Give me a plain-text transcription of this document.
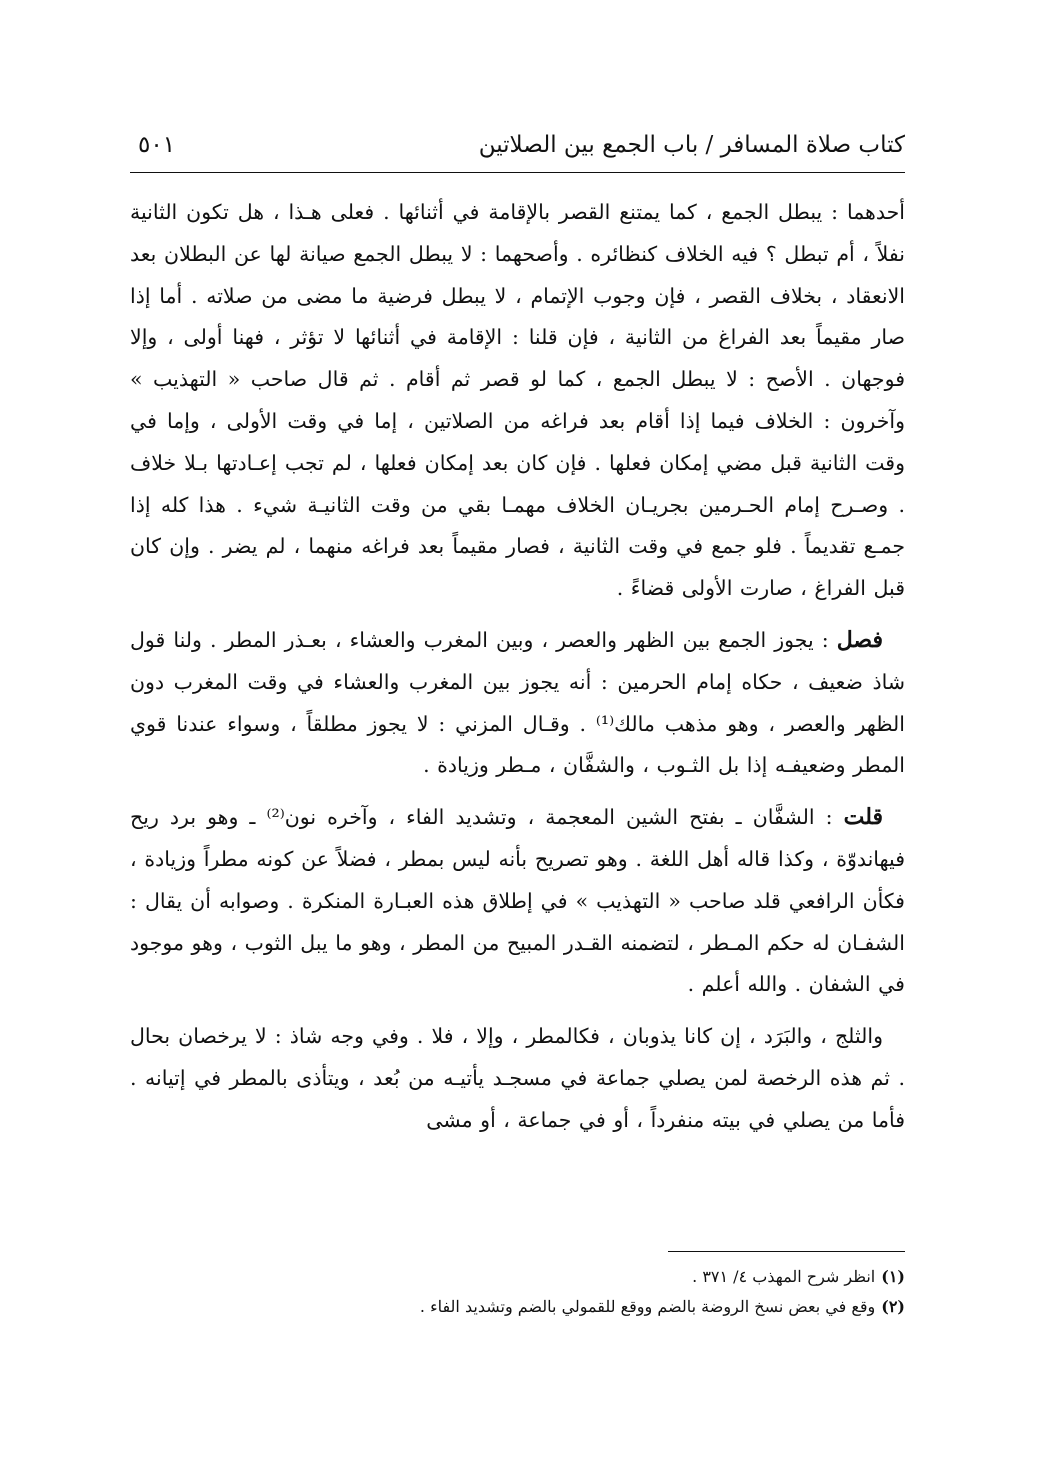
كتاب صلاة المسافر / باب الجمع بين الصلاتين
٥٠١

أحدهما : يبطل الجمع ، كما يمتنع القصر بالإقامة في أثنائها . فعلى هـذا ، هل تكون الثانية نفلاً ، أم تبطل ؟ فيه الخلاف كنظائره . وأصحهما : لا يبطل الجمع صيانة لها عن البطلان بعد الانعقاد ، بخلاف القصر ، فإن وجوب الإتمام ، لا يبطل فرضية ما مضى من صلاته . أما إذا صار مقيماً بعد الفراغ من الثانية ، فإن قلنا : الإقامة في أثنائها لا تؤثر ، فهنا أولى ، وإلا فوجهان . الأصح : لا يبطل الجمع ، كما لو قصر ثم أقام . ثم قال صاحب « التهذيب » وآخرون : الخلاف فيما إذا أقام بعد فراغه من الصلاتين ، إما في وقت الأولى ، وإما في وقت الثانية قبل مضي إمكان فعلها . فإن كان بعد إمكان فعلها ، لم تجب إعـادتها بـلا خلاف . وصـرح إمام الحـرمين بجريـان الخلاف مهمـا بقي من وقت الثانيـة شيء . هذا كله إذا جمـع تقديماً . فلو جمع في وقت الثانية ، فصار مقيماً بعد فراغه منهما ، لم يضر . وإن كان قبل الفراغ ، صارت الأولى قضاءً .

فصل : يجوز الجمع بين الظهر والعصر ، وبين المغرب والعشاء ، بعـذر المطر . ولنا قول شاذ ضعيف ، حكاه إمام الحرمين : أنه يجوز بين المغرب والعشاء في وقت المغرب دون الظهر والعصر ، وهو مذهب مالك⁽¹⁾ . وقـال المزني : لا يجوز مطلقاً ، وسواء عندنا قوي المطر وضعيفـه إذا بل الثـوب ، والشفَّان ، مـطر وزيادة .

قلت : الشفَّان ـ بفتح الشين المعجمة ، وتشديد الفاء ، وآخره نون⁽²⁾ ـ وهو برد ريح فيهاندوّة ، وكذا قاله أهل اللغة . وهو تصريح بأنه ليس بمطر ، فضلاً عن كونه مطراً وزيادة ، فكأن الرافعي قلد صاحب « التهذيب » في إطلاق هذه العبـارة المنكرة . وصوابه أن يقال : الشفـان له حكم المـطر ، لتضمنه القـدر المبيح من المطر ، وهو ما يبل الثوب ، وهو موجود في الشفان . والله أعلم .

والثلج ، والبَرَد ، إن كانا يذوبان ، فكالمطر ، وإلا ، فلا . وفي وجه شاذ : لا يرخصان بحال . ثم هذه الرخصة لمن يصلي جماعة في مسجـد يأتيـه من بُعد ، ويتأذى بالمطر في إتيانه . فأما من يصلي في بيته منفرداً ، أو في جماعة ، أو مشى

(١)انظر شرح المهذب ٤/ ٣٧١ .

(٢)وقع في بعض نسخ الروضة بالضم ووقع للقمولي بالضم وتشديد الفاء .
